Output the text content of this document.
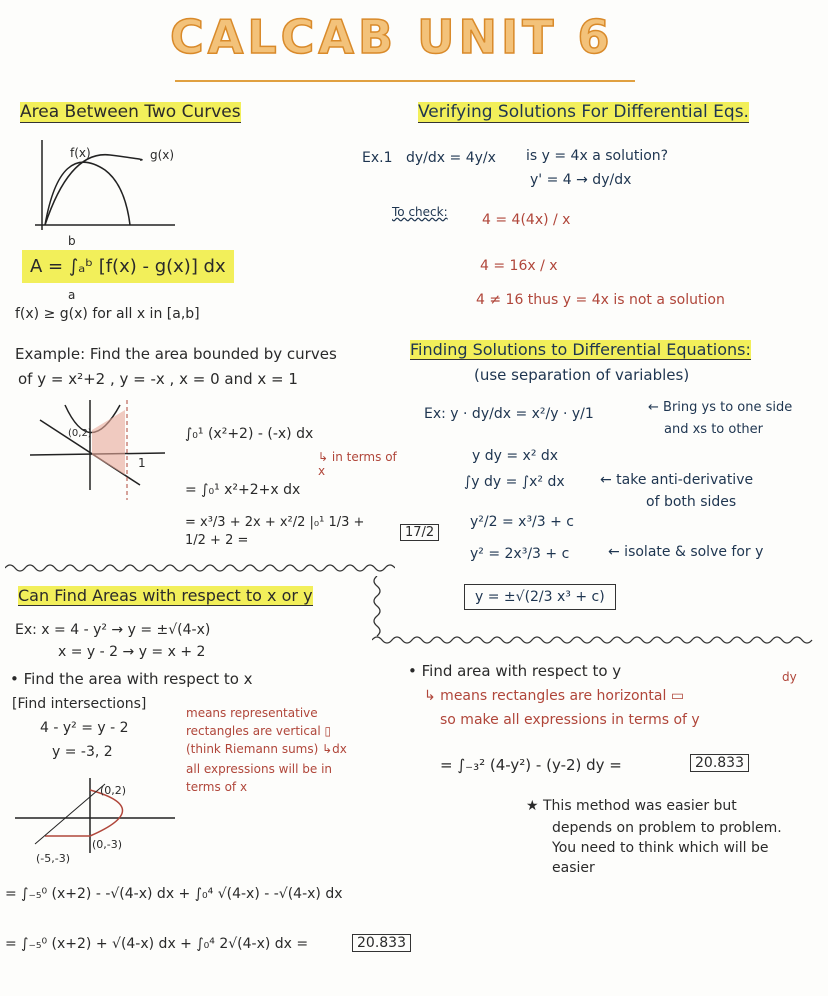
CALCAB UNIT 6
Area Between Two Curves
f(x)	g(x)
b
A = ∫ₐᵇ [f(x) - g(x)] dx
a
f(x) ≥ g(x) for all x in [a,b]
Example: Find the area bounded by curves
of y = x²+2 , y = -x , x = 0 and x = 1
(0,2)
1
∫₀¹ (x²+2) - (-x) dx
↳ in terms of x
= ∫₀¹ x²+2+x dx
= x³/3 + 2x + x²/2 |₀¹ 1/3 + 1/2 + 2 =
17/2
Verifying Solutions For Differential Eqs.
Ex.1 dy/dx = 4y/x is y = 4x a solution?
y' = 4 → dy/dx
To check: 4 = 4(4x) / x
4 = 16x / x
4 ≠ 16 thus y = 4x is not a solution
Finding Solutions to Differential Equations:
(use separation of variables)
Ex: y · dy/dx = x²/y · y/1	← Bring ys to one side
and xs to other
y dy = x² dx
∫y dy = ∫x² dx	← take anti-derivative
of both sides
y²/2 = x³/3 + c
y² = 2x³/3 + c	← isolate & solve for y
y = ±√(2/3 x³ + c)
Can Find Areas with respect to x or y
Ex: x = 4 - y² → y = ±√(4-x)
x = y - 2 → y = x + 2
• Find the area with respect to x
[Find intersections]
4 - y² = y - 2
y = -3, 2
means representative
rectangles are vertical ▯
(think Riemann sums) ↳dx
all expressions will be in
terms of x
(0,2)
(0,-3)
(-5,-3)
= ∫₋₅⁰ (x+2) - -√(4-x) dx + ∫₀⁴ √(4-x) - -√(4-x) dx
= ∫₋₅⁰ (x+2) + √(4-x) dx + ∫₀⁴ 2√(4-x) dx =	20.833
• Find area with respect to y
↳ means rectangles are horizontal ▭
dy
so make all expressions in terms of y
= ∫₋₃² (4-y²) - (y-2) dy =	20.833
★ This method was easier but
depends on problem to problem.
You need to think which will be
easier
